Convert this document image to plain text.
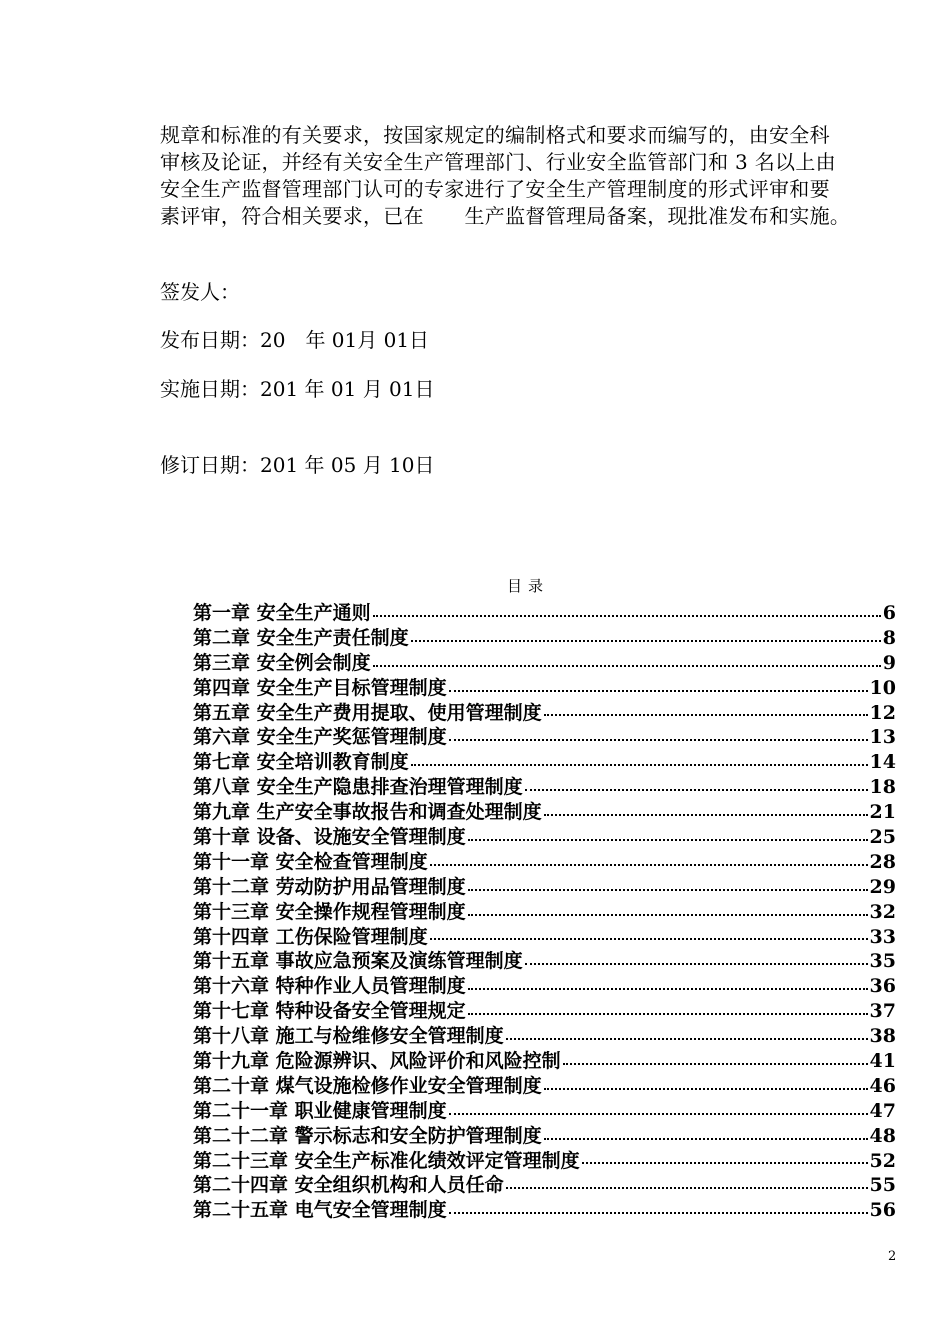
规章和标准的有关要求，按国家规定的编制格式和要求而编写的，由安全科

审核及论证，并经有关安全生产管理部门、行业安全监管部门和 3 名以上由

安全生产监督管理部门认可的专家进行了安全生产管理制度的形式评审和要

素评审，符合相关要求，已在　　生产监督管理局备案，现批准发布和实施。

签发人：
发布日期：20　年 01月 01日
实施日期：201 年 01 月 01日
修订日期：201 年 05 月 10日
目录
第一章 安全生产通则	6
第二章 安全生产责任制度	8
第三章 安全例会制度	9
第四章 安全生产目标管理制度	10
第五章 安全生产费用提取、使用管理制度	12
第六章 安全生产奖惩管理制度	13
第七章 安全培训教育制度	14
第八章 安全生产隐患排查治理管理制度	18
第九章 生产安全事故报告和调查处理制度	21
第十章 设备、设施安全管理制度	25
第十一章 安全检查管理制度	28
第十二章 劳动防护用品管理制度	29
第十三章 安全操作规程管理制度	32
第十四章 工伤保险管理制度	33
第十五章 事故应急预案及演练管理制度	35
第十六章 特种作业人员管理制度	36
第十七章 特种设备安全管理规定	37
第十八章 施工与检维修安全管理制度	38
第十九章 危险源辨识、风险评价和风险控制	41
第二十章 煤气设施检修作业安全管理制度	46
第二十一章 职业健康管理制度	47
第二十二章 警示标志和安全防护管理制度	48
第二十三章 安全生产标准化绩效评定管理制度	52
第二十四章 安全组织机构和人员任命	55
第二十五章 电气安全管理制度	56
2
